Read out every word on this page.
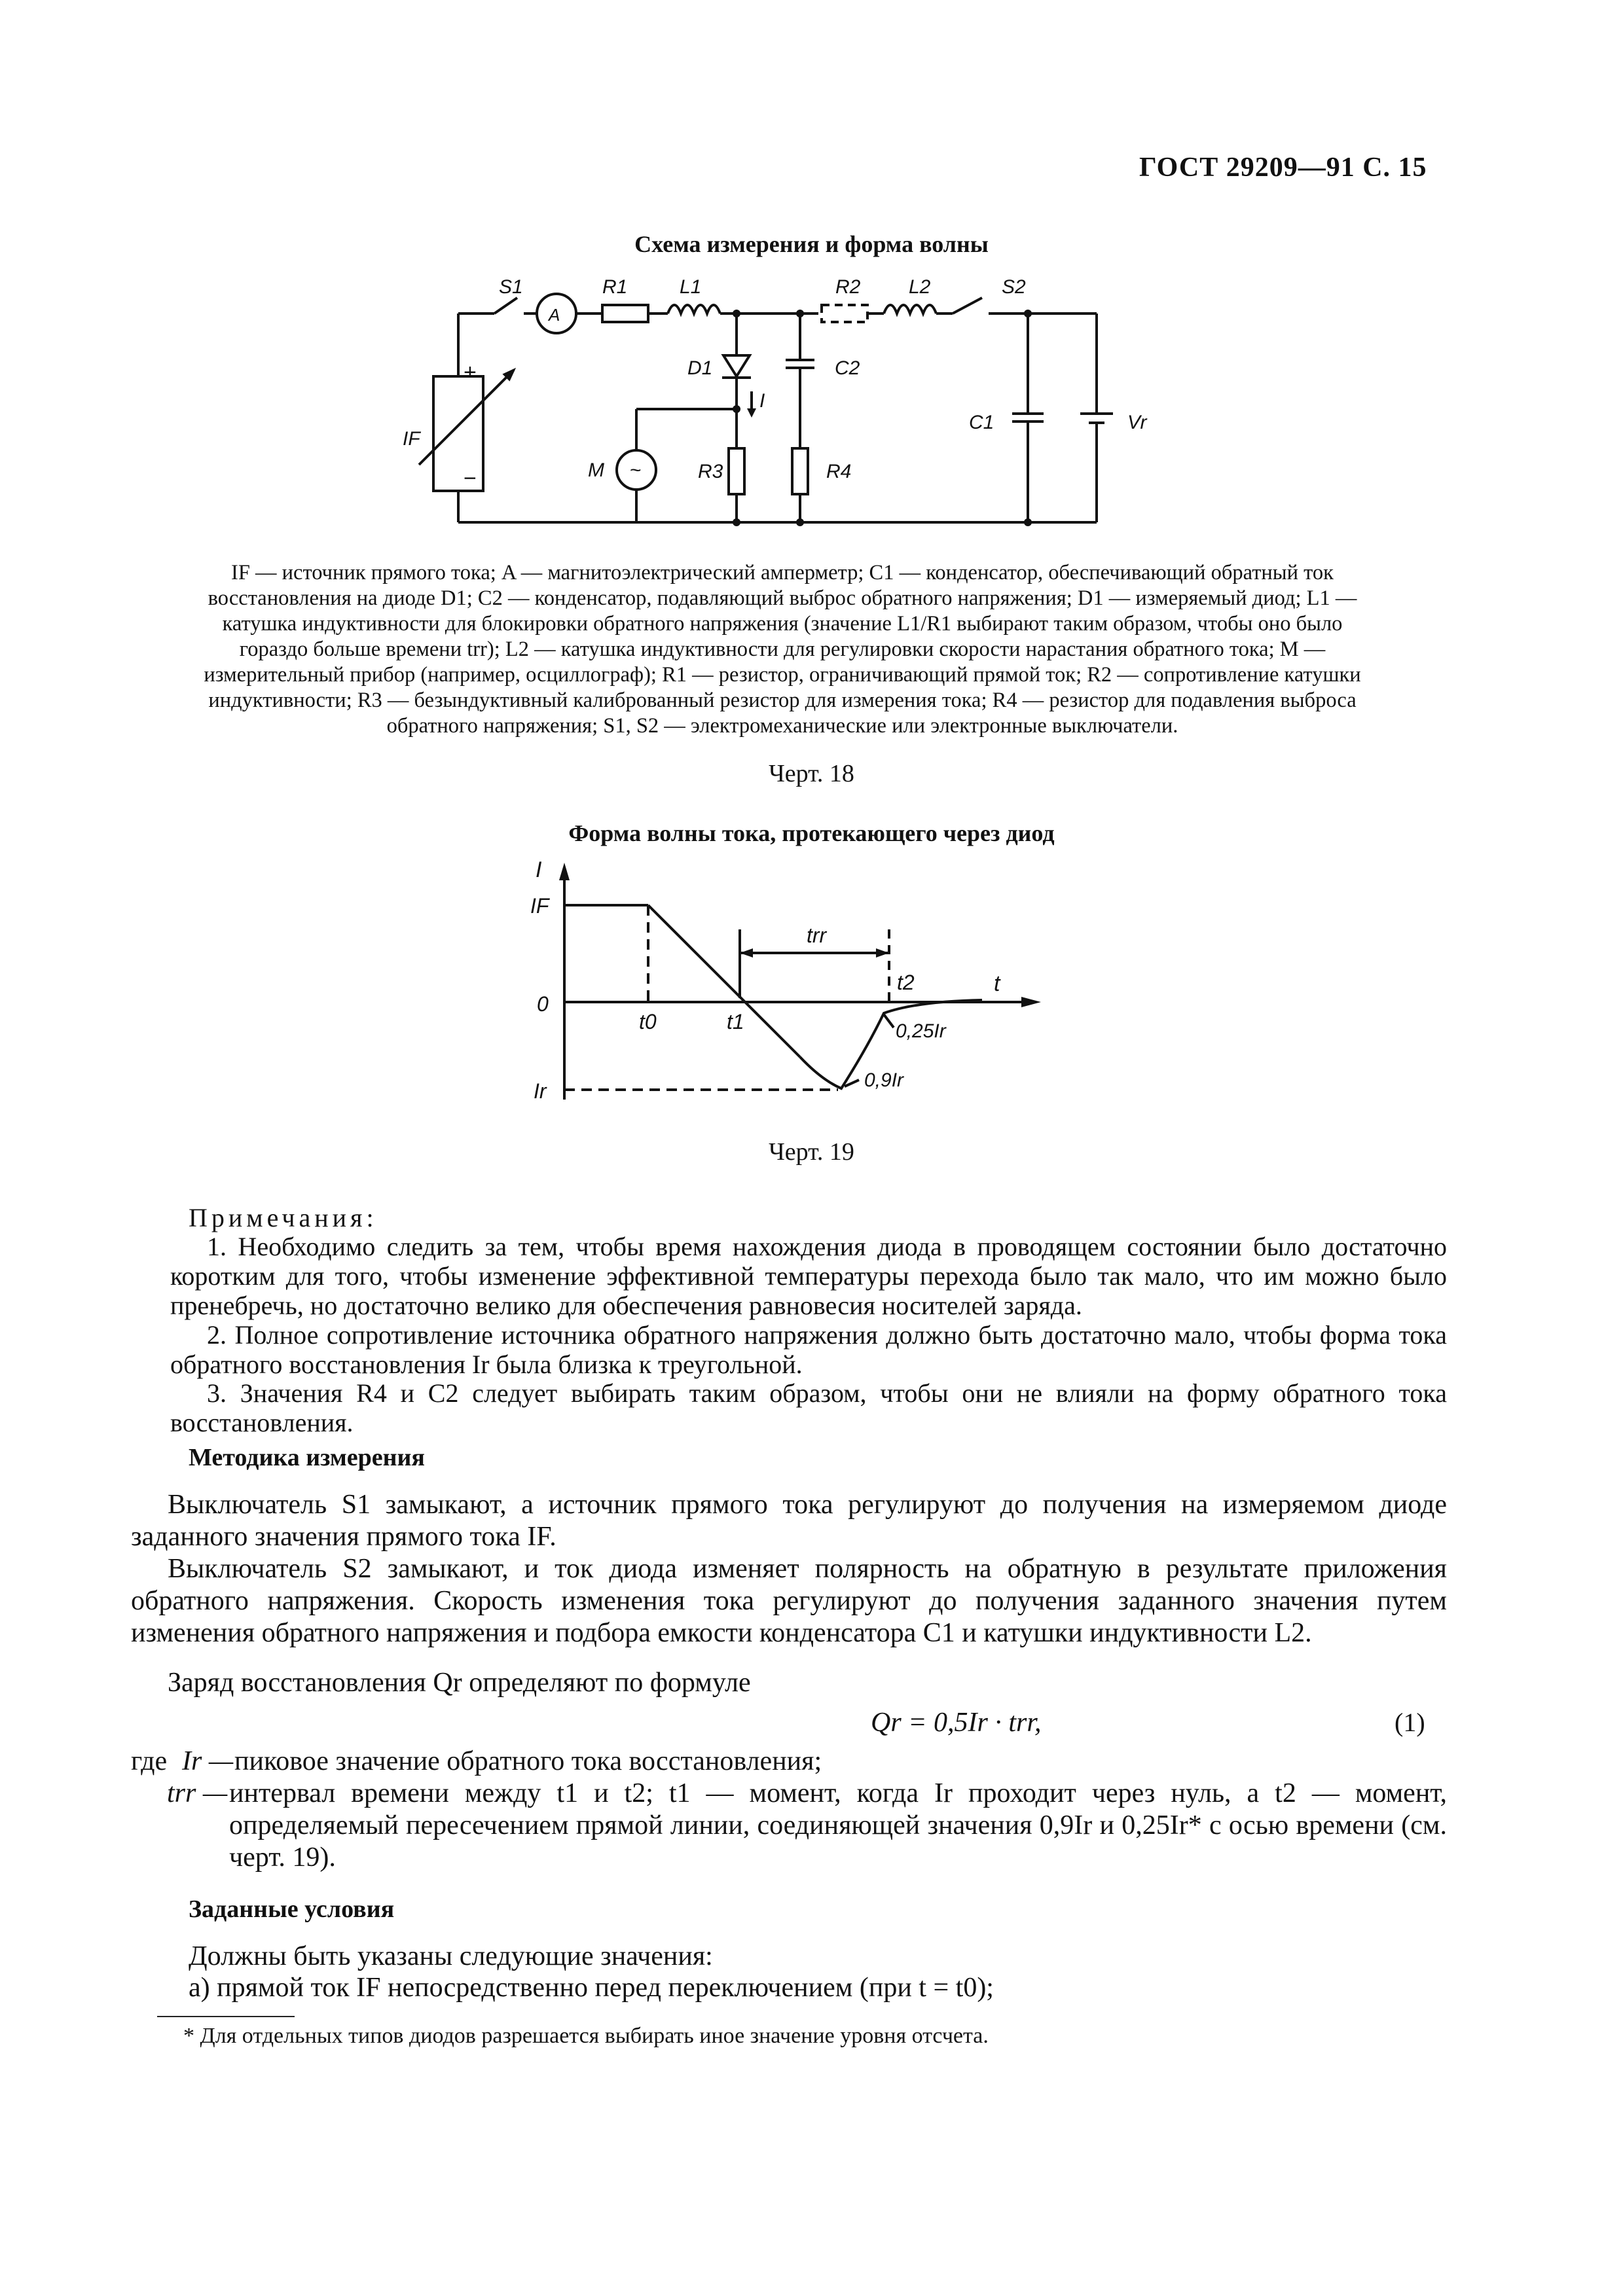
ГОСТ 29209—91 С. 15
Схема измерения и форма волны
S1
A
R1	L1	R2 L2	S2
D1
I
C2
C1	Vr
IF
+
−	~
M	R3	R4
IF — источник прямого тока; A — магнитоэлектрический амперметр; C1 — конденсатор, обеспечивающий обратный ток
восстановления на диоде D1; C2 — конденсатор, подавляющий выброс обратного напряжения; D1 — измеряемый диод; L1 —
катушка индуктивности для блокировки обратного напряжения (значение L1/R1 выбирают таким образом, чтобы оно было
гораздо больше времени trr); L2 — катушка индуктивности для регулировки скорости нарастания обратного тока; M —
измерительный прибор (например, осциллограф); R1 — резистор, ограничивающий прямой ток; R2 — сопротивление катушки
индуктивности; R3 — безындуктивный калиброванный резистор для измерения тока; R4 — резистор для подавления выброса
обратного напряжения; S1, S2 — электромеханические или электронные выключатели.
Черт. 18
Форма волны тока, протекающего через диод
I
IF
0
Ir
t
t0	t1
t2
trr
0,25Ir
0,9Ir
Черт. 19
Примечания:
1. Необходимо следить за тем, чтобы время нахождения диода в проводящем состоянии было достаточно коротким для того, чтобы изменение эффективной температуры перехода было так мало, что им можно было пренебречь, но достаточно велико для обеспечения равновесия носителей заряда.
2. Полное сопротивление источника обратного напряжения должно быть достаточно мало, чтобы форма тока обратного восстановления Ir была близка к треугольной.
3. Значения R4 и C2 следует выбирать таким образом, чтобы они не влияли на форму обратного тока восстановления.
Методика измерения
Выключатель S1 замыкают, а источник прямого тока регулируют до получения на измеряемом диоде заданного значения прямого тока IF.
Выключатель S2 замыкают, и ток диода изменяет полярность на обратную в результате приложения обратного напряжения. Скорость изменения тока регулируют до получения заданного значения путем изменения обратного напряжения и подбора емкости конденсатора C1 и катушки индуктивности L2.
Заряд восстановления Qr определяют по формуле
Qr = 0,5Ir · trr,	(1)
где Ir — пиковое значение обратного тока восстановления;
trr — интервал времени между t1 и t2; t1 — момент, когда Ir проходит через нуль, а t2 — момент, определяемый пересечением прямой линии, соединяющей значения 0,9Ir и 0,25Ir* с осью времени (см. черт. 19).
Заданные условия
Должны быть указаны следующие значения:
а) прямой ток IF непосредственно перед переключением (при t = t0);
* Для отдельных типов диодов разрешается выбирать иное значение уровня отсчета.
